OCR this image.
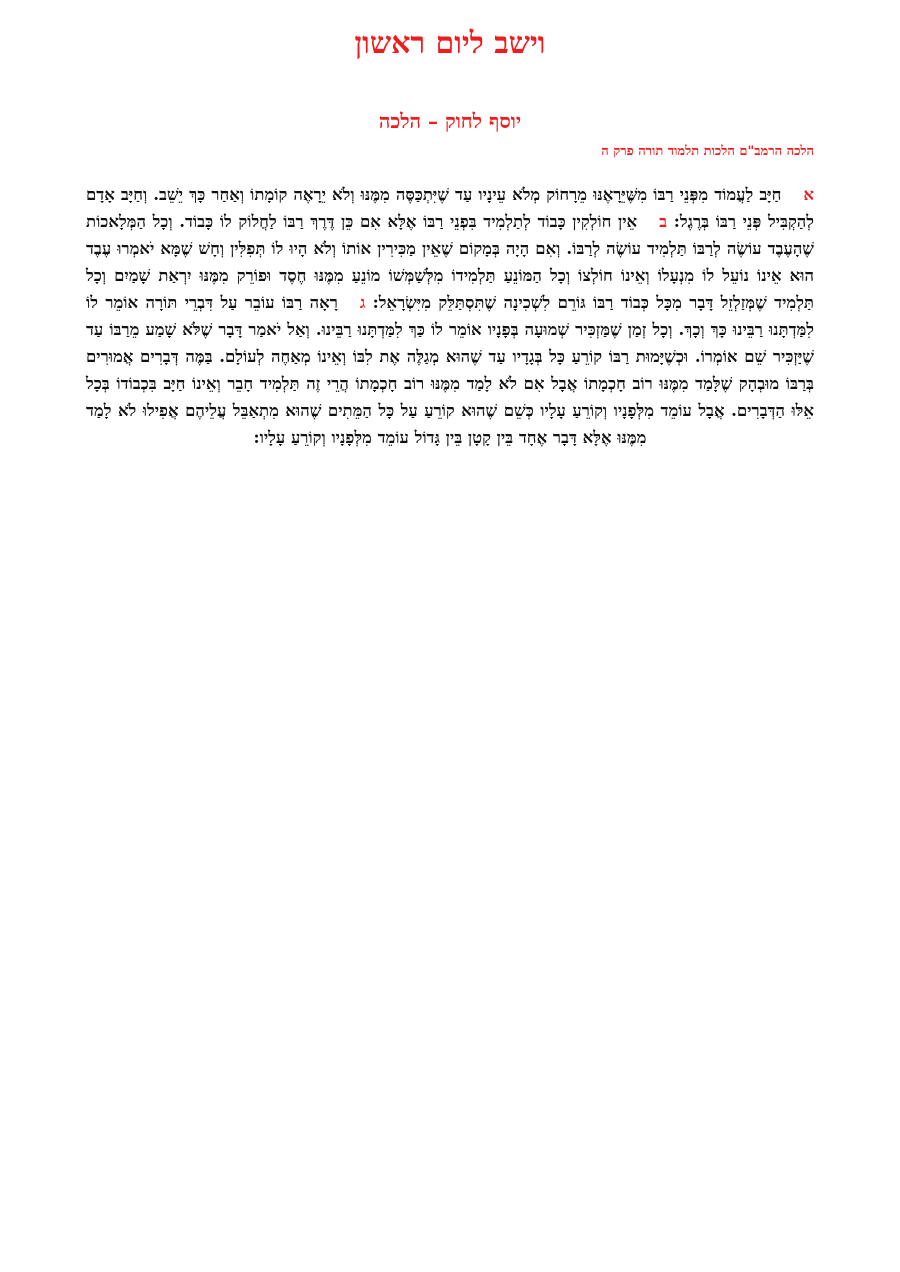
וישב ליום ראשון
יוסף לחוק – הלכה
הלכה הרמב"ם הלכות תלמוד תורה פרק ה
אחַיָּב לַעֲמוֹד מִפְּנֵי רַבּוֹ מִשֶּׁיֵּרָאֶנּוּ מֵרָחוֹק מְלֹא עֵינָיו עַד שֶׁיִּתְכַּסֶּה מִמֶּנּוּ וְלֹא יֵרָאֶה קוֹמָתוֹ וְאַחַר כָּךְ יֵשֵׁב. וְחַיָּב אָדָם לְהַקְבִּיל פְּנֵי רַבּוֹ בְּרֶגֶל: באֵין חוֹלְקִין כָּבוֹד לְתַלְמִיד בִּפְנֵי רַבּוֹ אֶלָּא אִם כֵּן דֶּרֶךְ רַבּוֹ לַחֲלוֹק לוֹ כָּבוֹד. וְכָל הַמְּלָאכוֹת שֶׁהָעֶבֶד עוֹשֶׂה לְרַבּוֹ תַּלְמִיד עוֹשֶׂה לְרַבּוֹ. וְאִם הָיָה בְּמָקוֹם שֶׁאֵין מַכִּירִין אוֹתוֹ וְלֹא הָיוּ לוֹ תְּפִלִּין וְחָשׁ שֶׁמָּא יֹאמְרוּ עֶבֶד הוּא אֵינוֹ נוֹעֵל לוֹ מִנְעָלוֹ וְאֵינוֹ חוֹלְצוֹ וְכָל הַמּוֹנֵעַ תַּלְמִידוֹ מִלְּשַׁמְּשׁוֹ מוֹנֵעַ מִמֶּנּוּ חֶסֶד וּפוֹרֵק מִמֶּנּוּ יִרְאַת שָׁמַיִם וְכָל תַּלְמִיד שֶׁמְּזַלְזֵל דָּבָר מִכָּל כְּבוֹד רַבּוֹ גּוֹרֵם לִשְׁכִינָה שֶׁתִּסְתַּלֵּק מִיִּשְׂרָאֵל: גרָאָה רַבּוֹ עוֹבֵר עַל דִּבְרֵי תּוֹרָה אוֹמֵר לוֹ לִמַּדְתָּנוּ רַבֵּינוּ כָּךְ וְכָךְ. וְכָל זְמַן שֶׁמַּזְכִּיר שְׁמוּעָה בְּפָנָיו אוֹמֵר לוֹ כַּךְ לִמַּדְתָּנוּ רַבֵּינוּ. וְאַל יֹאמַר דָּבָר שֶׁלֹּא שָׁמַע מֵרַבּוֹ עַד שֶׁיַּזְכִּיר שֵׁם אוֹמְרוֹ. וּכְשֶׁיָּמוּת רַבּוֹ קוֹרֵעַ כָּל בְּגָדָיו עַד שֶׁהוּא מְגַלֶּה אֶת לִבּוֹ וְאֵינוֹ מְאַחֶה לְעוֹלָם. בַּמֶּה דְּבָרִים אֲמוּרִים בְּרַבּוֹ מוּבְהָק שֶׁלָּמַד מִמֶּנּוּ רוֹב חָכְמָתוֹ אֲבָל אִם לֹא לָמַד מִמֶּנּוּ רוֹב חָכְמָתוֹ הֲרֵי זֶה תַּלְמִיד חָבֵר וְאֵינוֹ חַיָּב בִּכְבוֹדוֹ בְּכָל אֵלּוּ הַדְּבָרִים. אֲבָל עוֹמֵד מִלְּפָנָיו וְקוֹרֵעַ עָלָיו כְּשֵׁם שֶׁהוּא קוֹרֵעַ עַל כָּל הַמֵּתִים שֶׁהוּא מִתְאַבֵּל עֲלֵיהֶם אֲפִילוּ לֹא לָמַד מִמֶּנּוּ אֶלָּא דָּבָר אֶחָד בֵּין קָטָן בֵּין גָּדוֹל עוֹמֵד מִלְּפָנָיו וְקוֹרֵעַ עָלָיו:
